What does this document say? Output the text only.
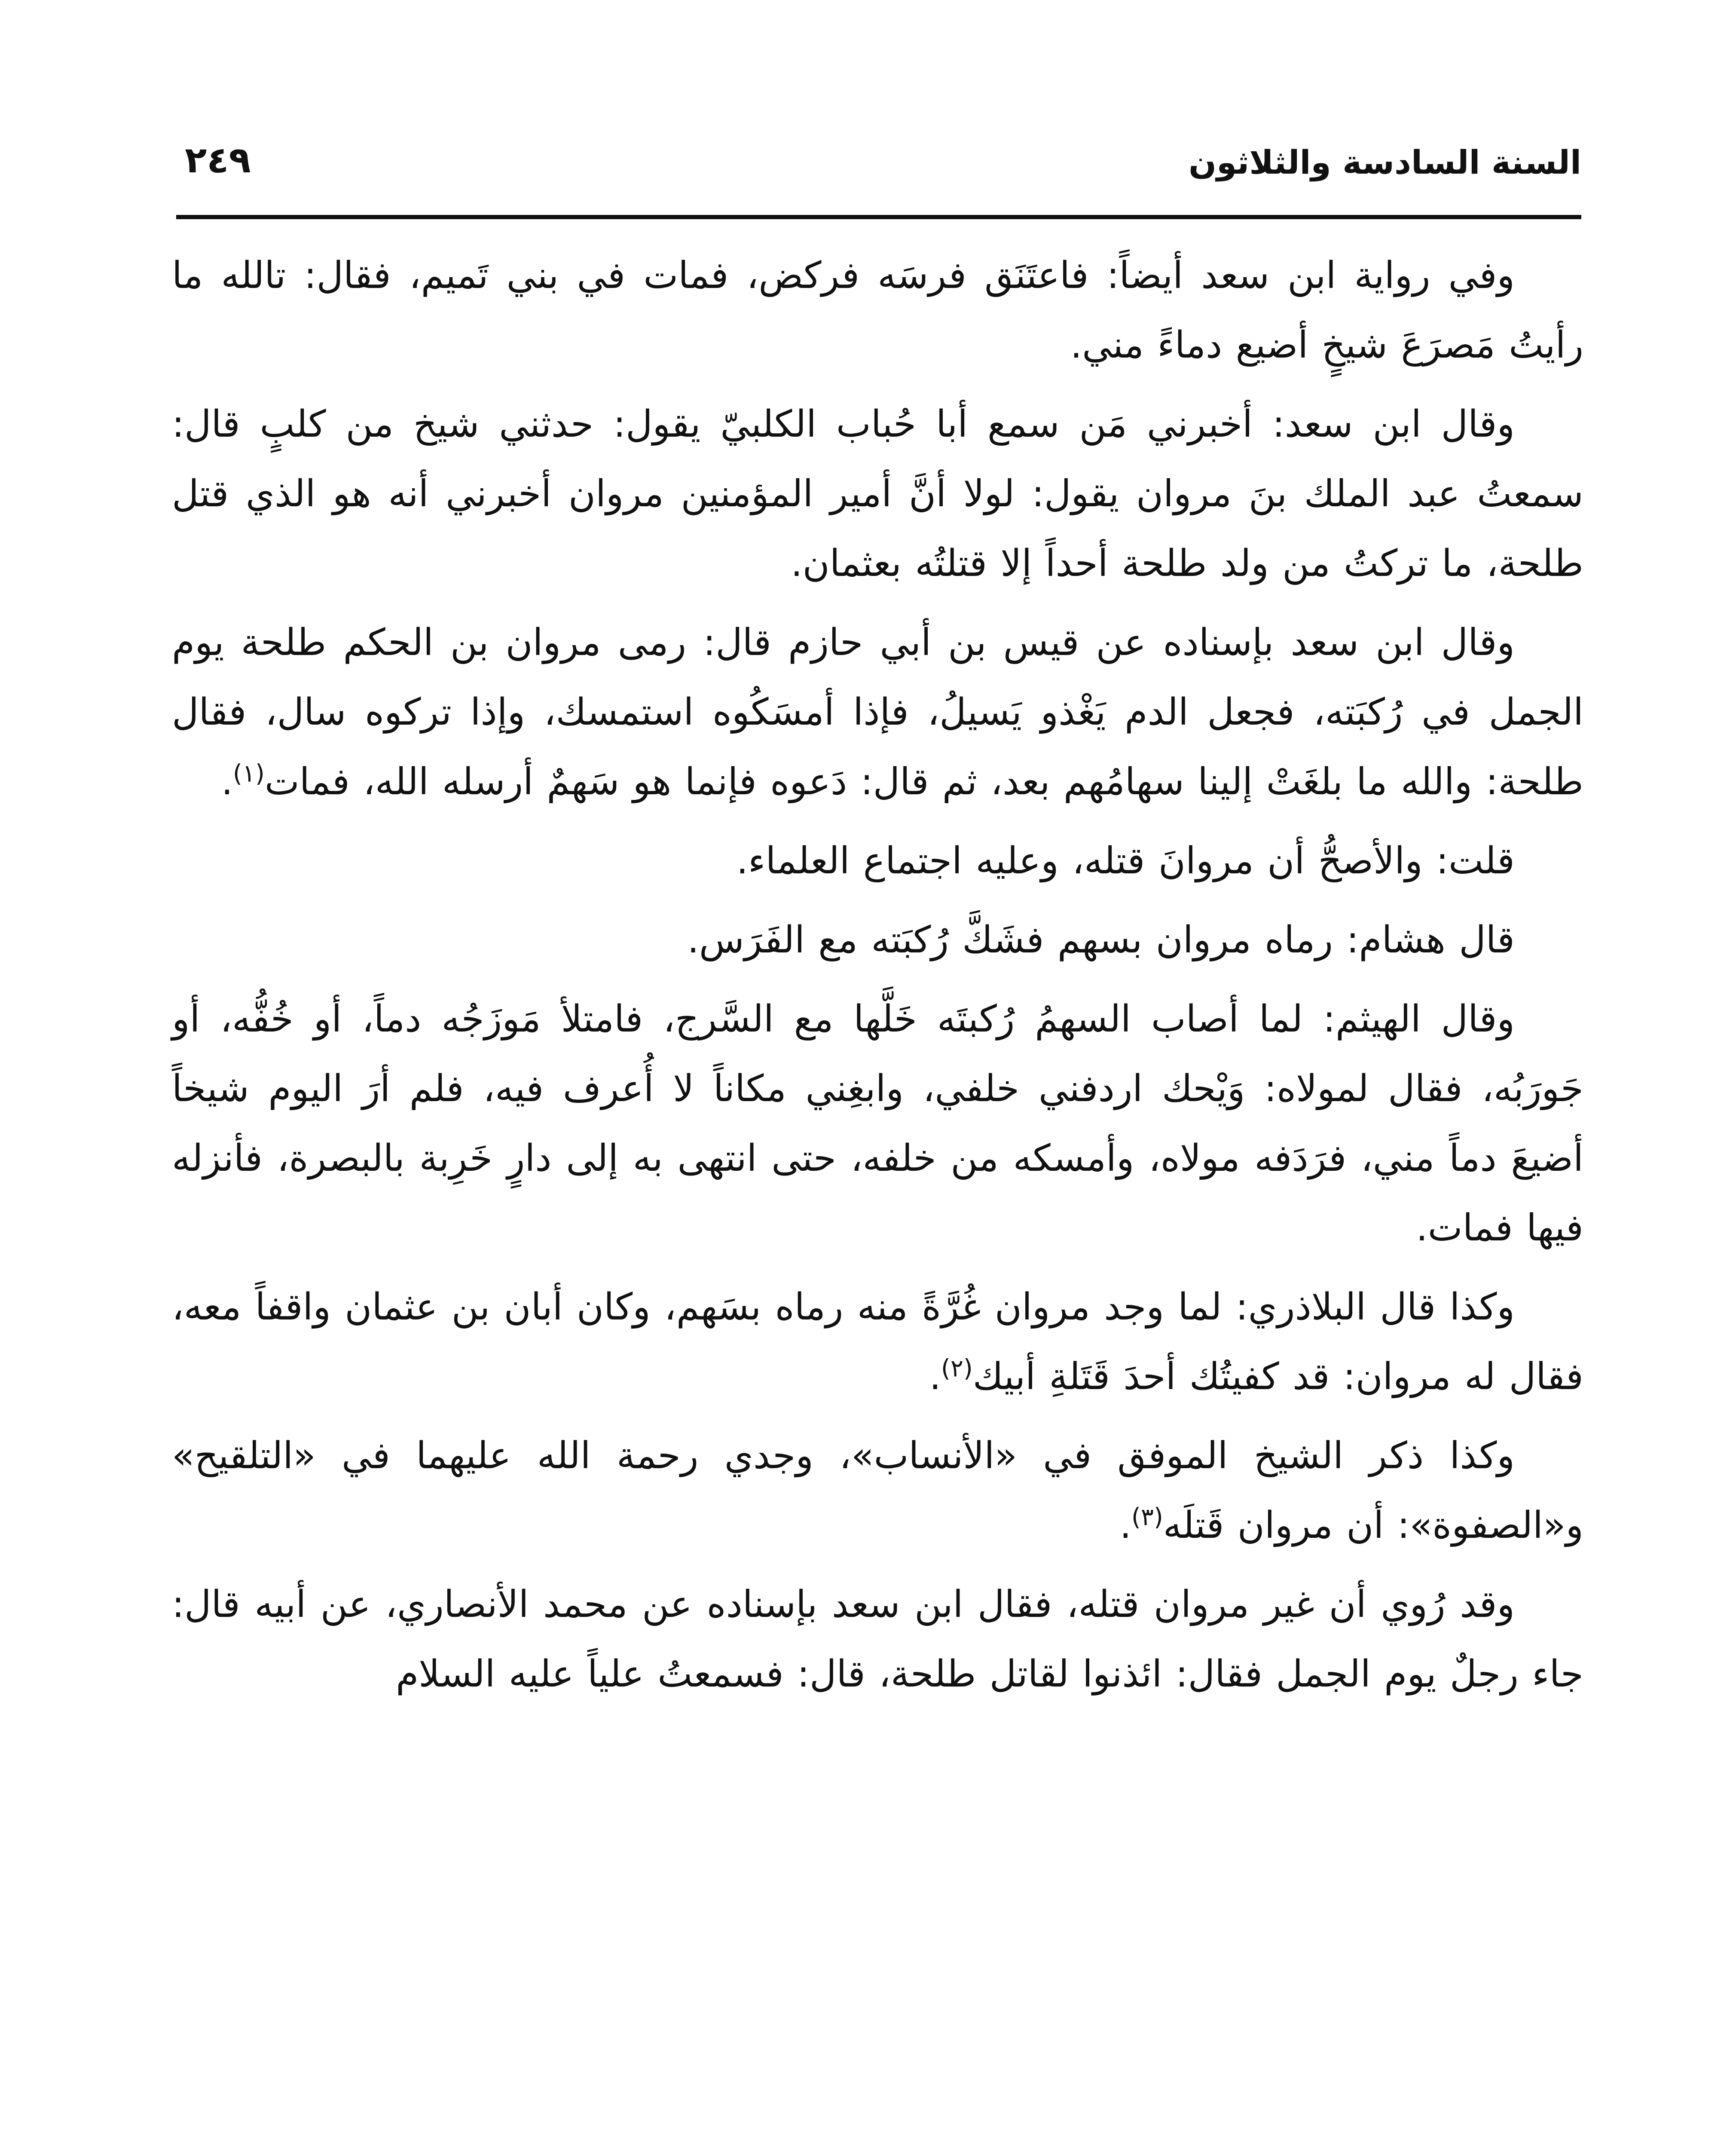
السنة السادسة والثلاثون
٢٤٩

وفي رواية ابن سعد أيضاً: فاعتَنَق فرسَه فركض، فمات في بني تَميم، فقال: تالله ما رأيتُ مَصرَعَ شيخٍ أضيع دماءً مني.

وقال ابن سعد: أخبرني مَن سمع أبا حُباب الكلبيّ يقول: حدثني شيخ من كلبٍ قال: سمعتُ عبد الملك بنَ مروان يقول: لولا أنَّ أمير المؤمنين مروان أخبرني أنه هو الذي قتل طلحة، ما تركتُ من ولد طلحة أحداً إلا قتلتُه بعثمان.

وقال ابن سعد بإسناده عن قيس بن أبي حازم قال: رمى مروان بن الحكم طلحة يوم الجمل في رُكبَته، فجعل الدم يَغْذو يَسيلُ، فإذا أمسَكُوه استمسك، وإذا تركوه سال، فقال طلحة: والله ما بلغَتْ إلينا سهامُهم بعد، ثم قال: دَعوه فإنما هو سَهمٌ أرسله الله، فمات$^{(١)}$.

قلت: والأصحُّ أن مروانَ قتله، وعليه اجتماع العلماء.

قال هشام: رماه مروان بسهم فشَكَّ رُكبَته مع الفَرَس.

وقال الهيثم: لما أصاب السهمُ رُكبتَه خَلَّها مع السَّرج، فامتلأ مَوزَجُه دماً، أو خُفُّه، أو جَورَبُه، فقال لمولاه: وَيْحك اردفني خلفي، وابغِني مكاناً لا أُعرف فيه، فلم أرَ اليوم شيخاً أضيعَ دماً مني، فرَدَفه مولاه، وأمسكه من خلفه، حتى انتهى به إلى دارٍ خَرِبة بالبصرة، فأنزله فيها فمات.

وكذا قال البلاذري: لما وجد مروان غُرَّةً منه رماه بسَهم، وكان أبان بن عثمان واقفاً معه، فقال له مروان: قد كفيتُك أحدَ قَتَلةِ أبيك$^{(٢)}$.

وكذا ذكر الشيخ الموفق في «الأنساب»، وجدي رحمة الله عليهما في «التلقيح» و«الصفوة»: أن مروان قَتلَه$^{(٣)}$.

وقد رُوي أن غير مروان قتله، فقال ابن سعد بإسناده عن محمد الأنصاري، عن أبيه قال: جاء رجلٌ يوم الجمل فقال: ائذنوا لقاتل طلحة، قال: فسمعتُ علياً عليه السلام
